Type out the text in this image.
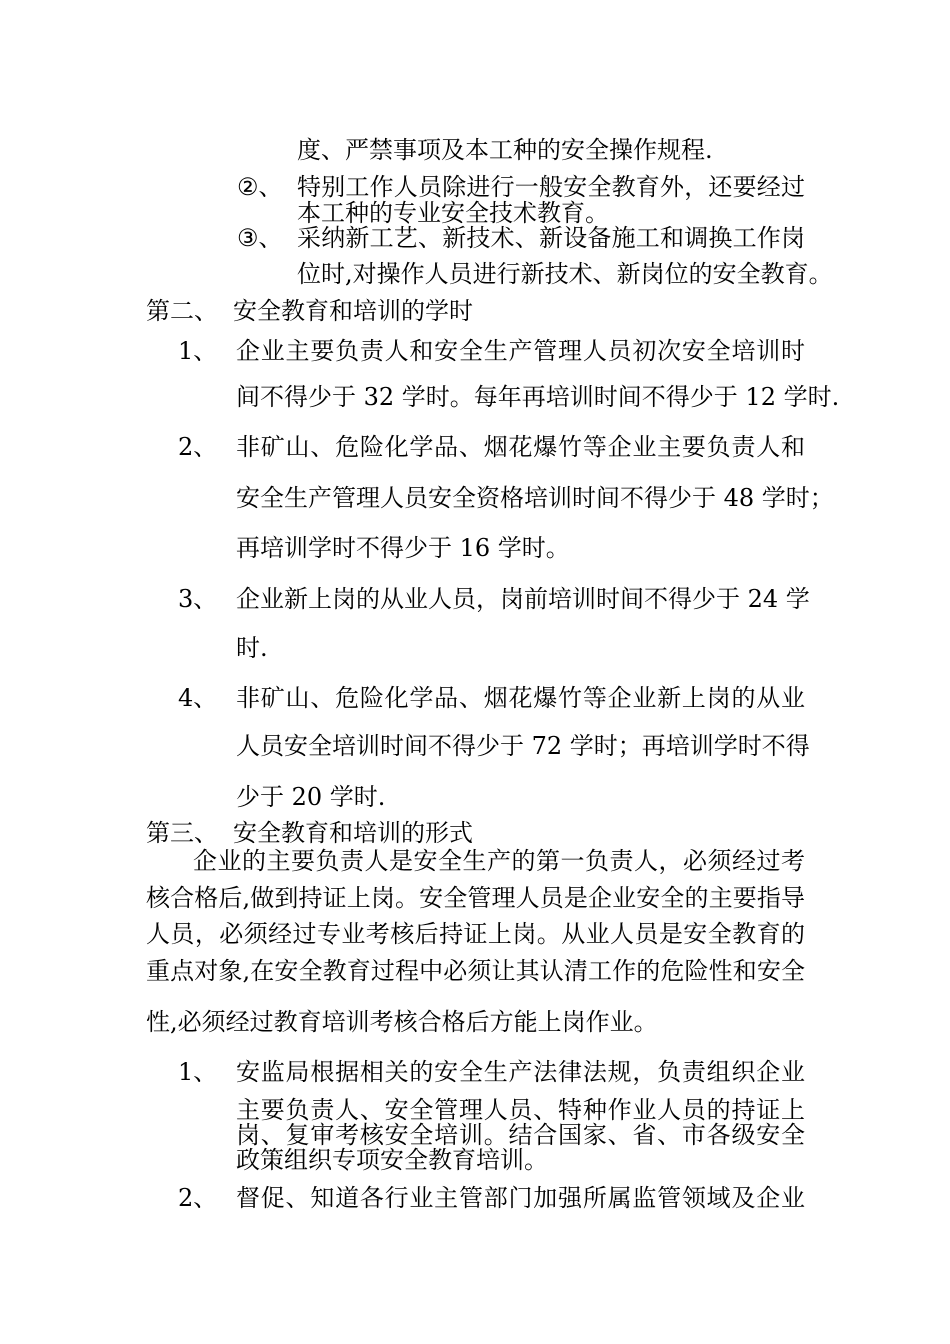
度、严禁事项及本工种的安全操作规程.
②、 特别工作人员除进行一般安全教育外，还要经过
本工种的专业安全技术教育。
③、 采纳新工艺、新技术、新设备施工和调换工作岗
位时,对操作人员进行新技术、新岗位的安全教育。
第二、 安全教育和培训的学时
1、 企业主要负责人和安全生产管理人员初次安全培训时
间不得少于 32 学时。每年再培训时间不得少于 12 学时.
2、 非矿山、危险化学品、烟花爆竹等企业主要负责人和
安全生产管理人员安全资格培训时间不得少于 48 学时；
再培训学时不得少于 16 学时。
3、 企业新上岗的从业人员，岗前培训时间不得少于 24 学
时.
4、 非矿山、危险化学品、烟花爆竹等企业新上岗的从业
人员安全培训时间不得少于 72 学时；再培训学时不得
少于 20 学时.
第三、 安全教育和培训的形式
企业的主要负责人是安全生产的第一负责人，必须经过考
核合格后,做到持证上岗。安全管理人员是企业安全的主要指导
人员，必须经过专业考核后持证上岗。从业人员是安全教育的
重点对象,在安全教育过程中必须让其认清工作的危险性和安全
性,必须经过教育培训考核合格后方能上岗作业。
1、 安监局根据相关的安全生产法律法规，负责组织企业
主要负责人、安全管理人员、特种作业人员的持证上
岗、复审考核安全培训。结合国家、省、市各级安全
政策组织专项安全教育培训。
2、 督促、知道各行业主管部门加强所属监管领域及企业
